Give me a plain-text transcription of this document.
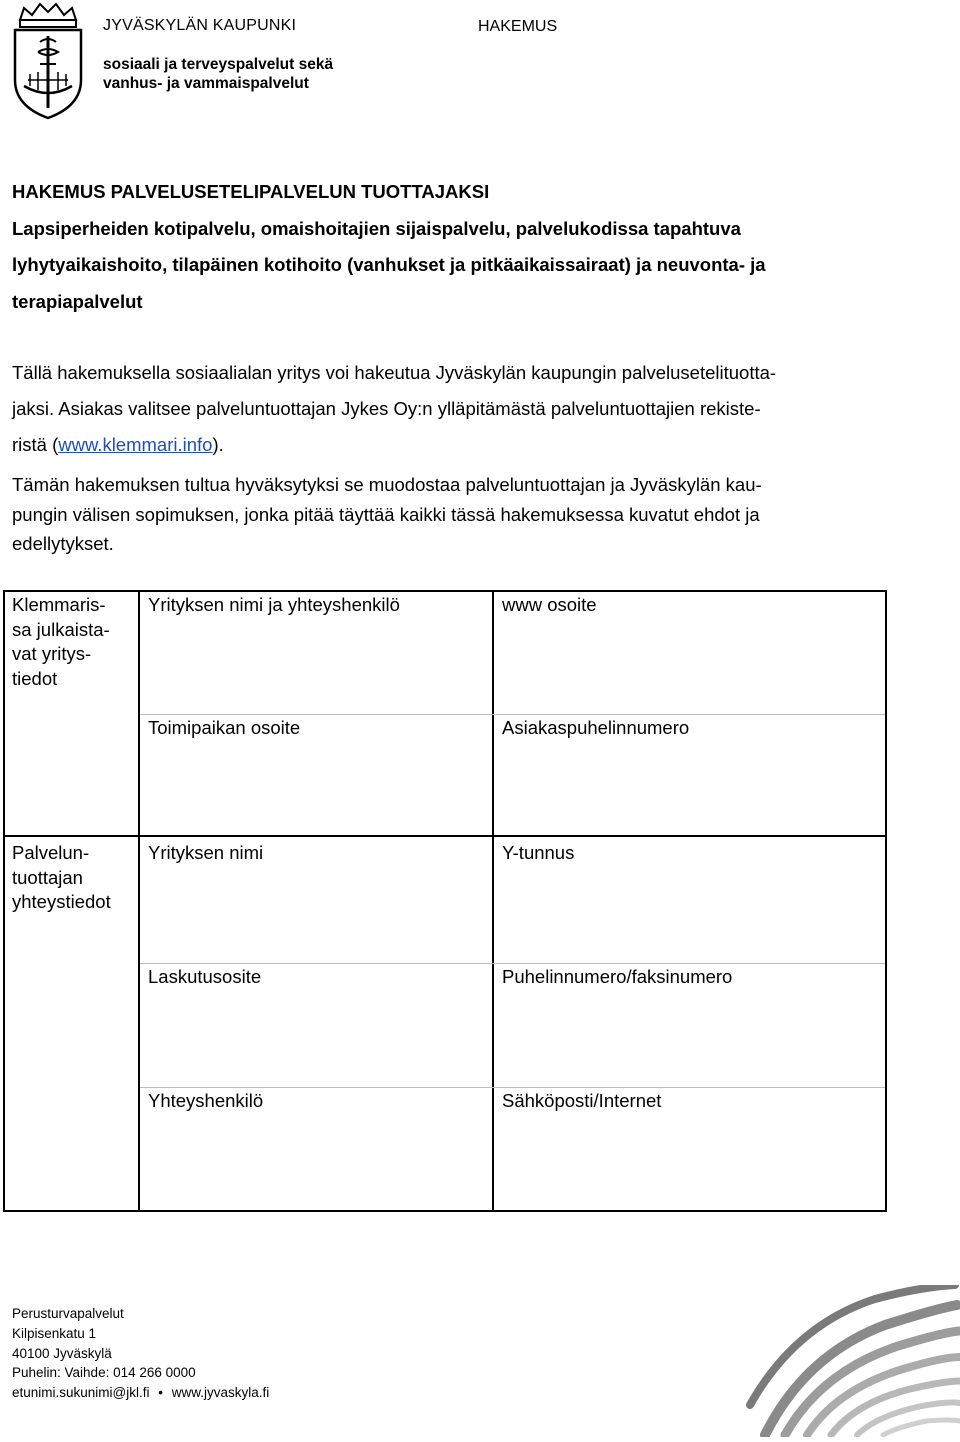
JYVÄSKYLÄN KAUPUNKI
sosiaali ja terveyspalvelut sekä
vanhus- ja vammaispalvelut
HAKEMUS
HAKEMUS PALVELUSETELIPALVELUN TUOTTAJAKSI
Lapsiperheiden kotipalvelu, omaishoitajien sijaispalvelu, palvelukodissa tapahtuva
lyhytyaikaishoito, tilapäinen kotihoito (vanhukset ja pitkäaikaissairaat) ja neuvonta- ja
terapiapalvelut
Tällä hakemuksella sosiaalialan yritys voi hakeutua Jyväskylän kaupungin palvelusetelituotta-
jaksi. Asiakas valitsee palveluntuottajan Jykes Oy:n ylläpitämästä palveluntuottajien rekiste-
ristä (www.klemmari.info).
Tämän hakemuksen tultua hyväksytyksi se muodostaa palveluntuottajan ja Jyväskylän kau-
pungin välisen sopimuksen, jonka pitää täyttää kaikki tässä hakemuksessa kuvatut ehdot ja
edellytykset.
Klemmaris-
sa julkaista-
vat yritys-
tiedot
Yrityksen nimi ja yhteyshenkilö	www osoite
Toimipaikan osoite	Asiakaspuhelinnumero
Palvelun-
tuottajan
yhteystiedot
Yrityksen nimi	Y-tunnus
Laskutusosite	Puhelinnumero/faksinumero
Yhteyshenkilö	Sähköposti/Internet
Perusturvapalvelut
Kilpisenkatu 1
40100 Jyväskylä
Puhelin: Vaihde: 014 266 0000
etunimi.sukunimi@jkl.fi • www.jyvaskyla.fi
